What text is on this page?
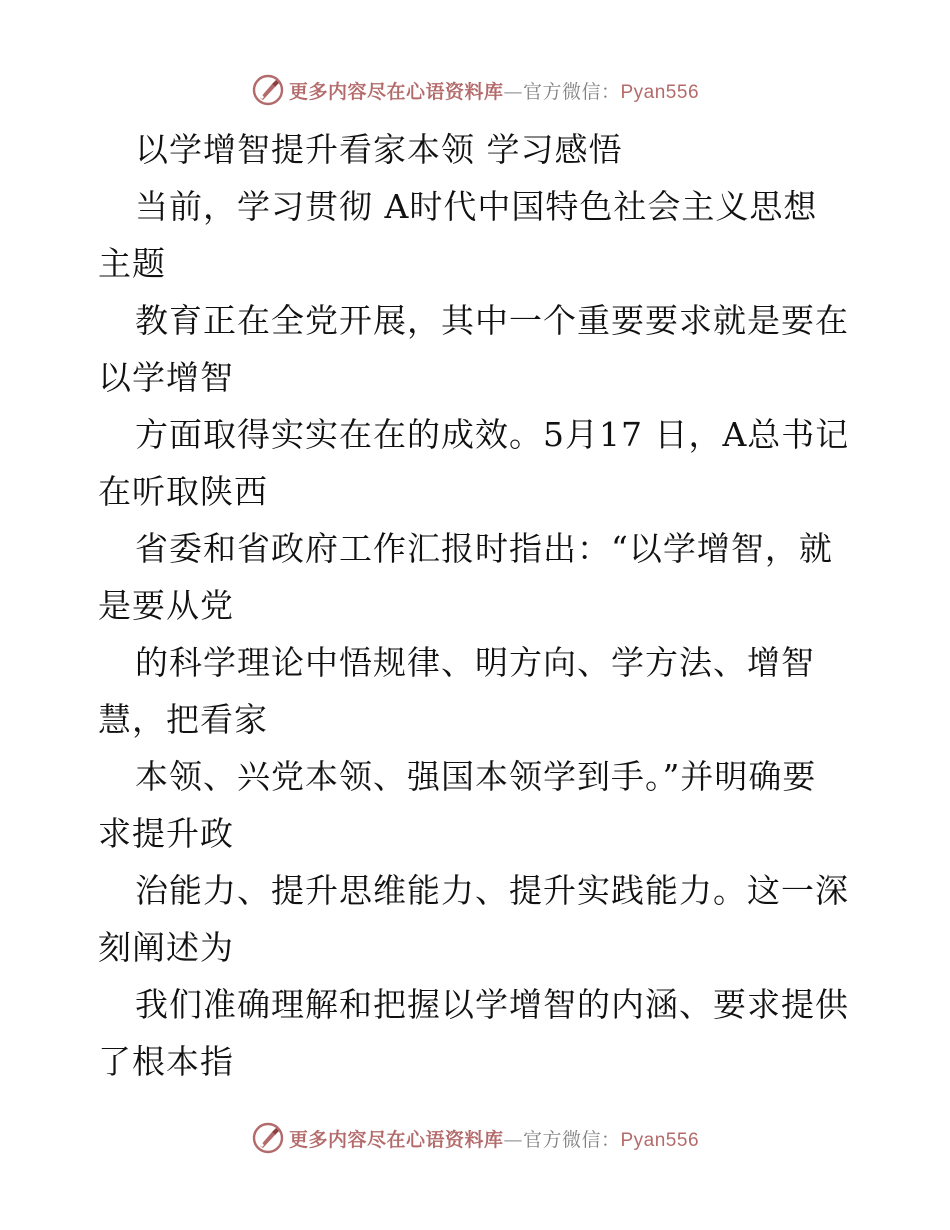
更多内容尽在心语资料库—官方微信：Pyan556
以学增智提升看家本领 学习感悟
当前，学习贯彻 A时代中国特色社会主义思想
主题
教育正在全党开展，其中一个重要要求就是要在
以学增智
方面取得实实在在的成效。5月17 日，A总书记
在听取陕西
省委和省政府工作汇报时指出：“以学增智，就
是要从党
的科学理论中悟规律、明方向、学方法、增智
慧，把看家
本领、兴党本领、强国本领学到手。”并明确要
求提升政
治能力、提升思维能力、提升实践能力。这一深
刻阐述为
我们准确理解和把握以学增智的内涵、要求提供
了根本指
更多内容尽在心语资料库—官方微信：Pyan556
